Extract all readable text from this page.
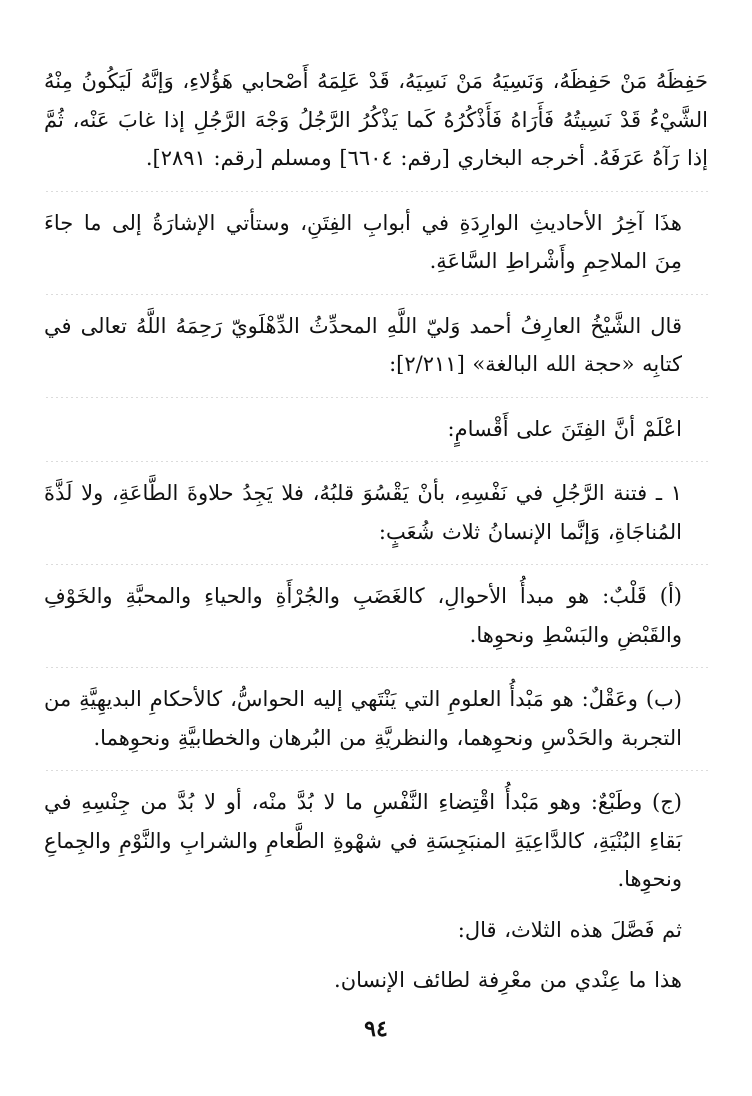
حَفِظَهُ مَنْ حَفِظَهُ، وَنَسِيَهُ مَنْ نَسِيَهُ، قَدْ عَلِمَهُ أَصْحابي هَؤُلاءِ، وَإنَّهُ لَيَكُونُ مِنْهُ الشَّيْءُ قَدْ نَسِيتُهُ فَأَرَاهُ فَأَذْكُرُهُ كَما يَذْكُرُ الرَّجُلُ وَجْهَ الرَّجُلِ إذا غابَ عَنْه، ثُمَّ إذا رَآهُ عَرَفَهُ. أخرجه البخاري [رقم: ٦٦٠٤] ومسلم [رقم: ٢٨٩١].

هذَا آخِرُ الأحاديثِ الوارِدَةِ في أبوابِ الفِتَنِ، وستأتي الإشارَةُ إلى ما جاءَ مِنَ الملاحِمِ وأَشْراطِ السَّاعَةِ.

قال الشَّيْخُ العارِفُ أحمد وَليّ اللَّهِ المحدِّثُ الدِّهْلَويّ رَحِمَهُ اللَّهُ تعالى في كتابِه «حجة الله البالغة» [٢/٢١١]:

اعْلَمْ أنَّ الفِتَنَ على أَقْسامٍ:

١ ـ فتنة الرَّجُلِ في نَفْسِهِ، بأنْ يَقْسُوَ قلبُهُ، فلا يَجِدُ حلاوةَ الطَّاعَةِ، ولا لَذَّةَ المُناجَاةِ، وَإنَّما الإنسانُ ثلاث شُعَبٍ:

(أ) قَلْبٌ: هو مبدأُ الأحوالِ، كالغَضَبِ والجُرْأَةِ والحياءِ والمحبَّةِ والخَوْفِ والقَبْضِ والبَسْطِ ونحوِها.

(ب) وعَقْلٌ: هو مَبْدأُ العلومِ التي يَنْتَهي إليه الحواسُّ، كالأحكامِ البديهِيَّةِ من التجربة والحَدْسِ ونحوِهما، والنظريَّةِ من البُرهان والخطابيَّةِ ونحوِهما.

(ج) وطَبْعٌ: وهو مَبْدأُ اقْتِضاءِ النَّفْسِ ما لا بُدَّ منْه، أو لا بُدَّ من جِنْسِهِ في بَقاءِ البُنْيَةِ، كالدَّاعِيَةِ المنبَجِسَةِ في شهْوةِ الطَّعامِ والشرابِ والنَّوْمِ والجِماعِ ونحوِها.

ثم فَصَّلَ هذه الثلاث، قال:

هذا ما عِنْدي من معْرِفة لطائف الإنسان.

٩٤
